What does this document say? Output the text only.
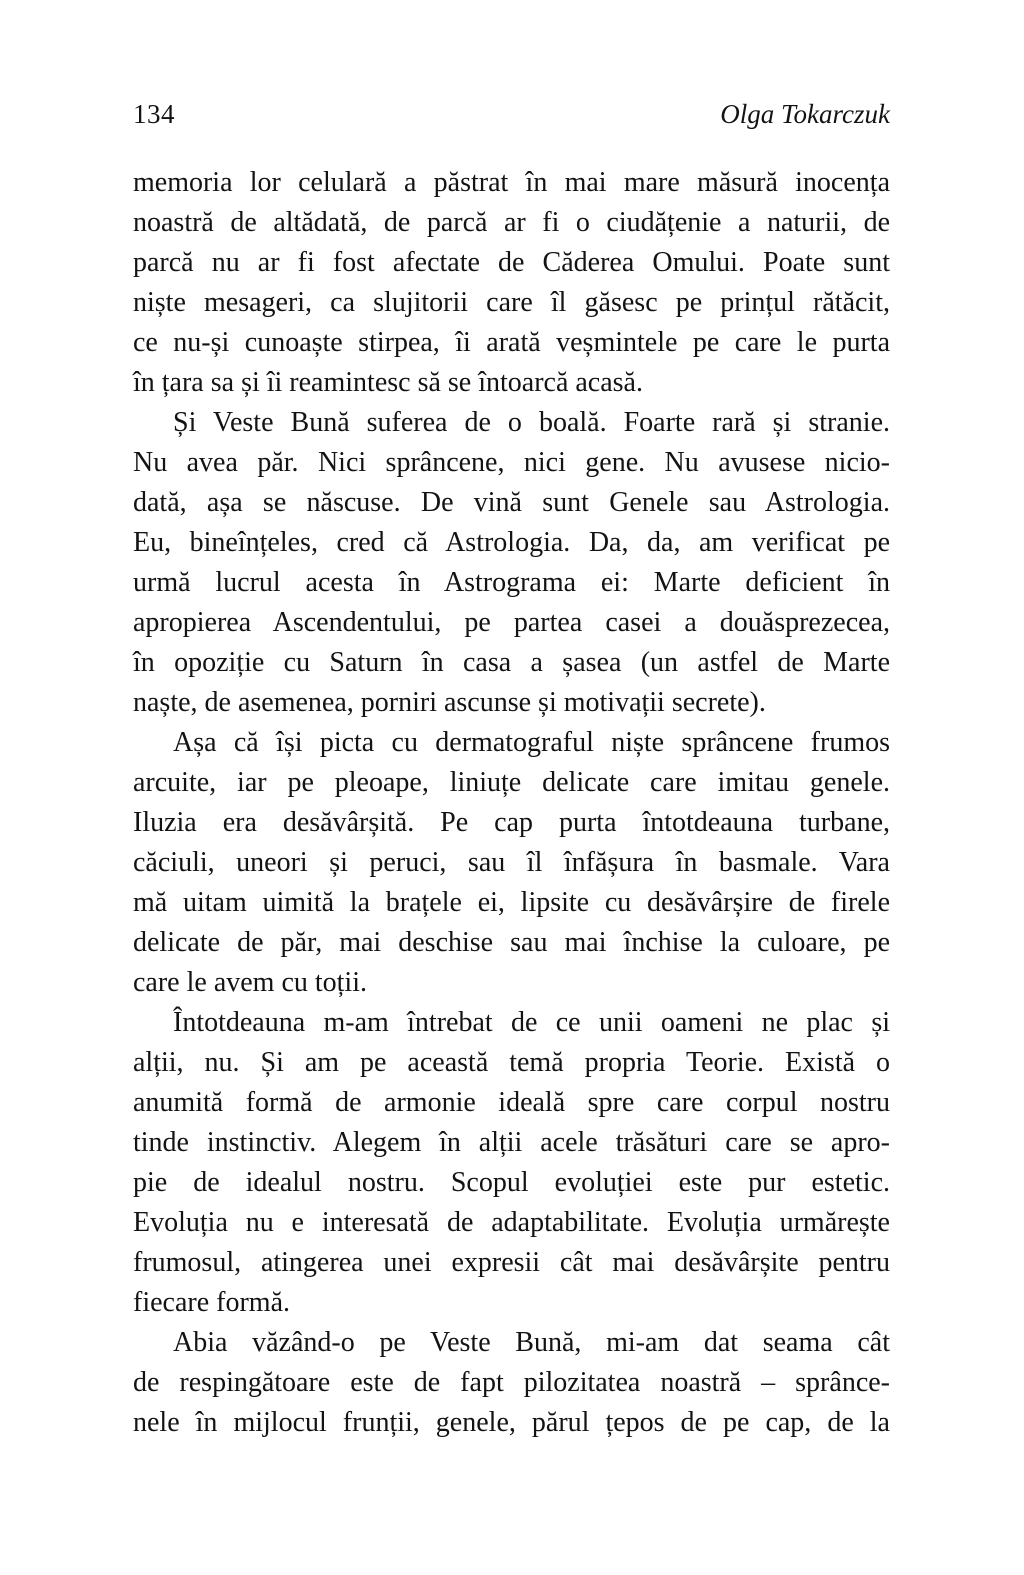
134	Olga Tokarczuk
memoria lor celulară a păstrat în mai mare măsură inocența
noastră de altădată, de parcă ar fi o ciudățenie a naturii, de
parcă nu ar fi fost afectate de Căderea Omului. Poate sunt
niște mesageri, ca slujitorii care îl găsesc pe prințul rătăcit,
ce nu-și cunoaște stirpea, îi arată veșmintele pe care le purta
în țara sa și îi reamintesc să se întoarcă acasă.
Și Veste Bună suferea de o boală. Foarte rară și stranie.
Nu avea păr. Nici sprâncene, nici gene. Nu avusese nicio-
dată, așa se născuse. De vină sunt Genele sau Astrologia.
Eu, bineînțeles, cred că Astrologia. Da, da, am verificat pe
urmă lucrul acesta în Astrograma ei: Marte deficient în
apropierea Ascendentului, pe partea casei a douăsprezecea,
în opoziție cu Saturn în casa a șasea (un astfel de Marte
naște, de asemenea, porniri ascunse și motivații secrete).
Așa că își picta cu dermatograful niște sprâncene frumos
arcuite, iar pe pleoape, liniuțe delicate care imitau genele.
Iluzia era desăvârșită. Pe cap purta întotdeauna turbane,
căciuli, uneori și peruci, sau îl înfășura în basmale. Vara
mă uitam uimită la brațele ei, lipsite cu desăvârșire de firele
delicate de păr, mai deschise sau mai închise la culoare, pe
care le avem cu toții.
Întotdeauna m-am întrebat de ce unii oameni ne plac și
alții, nu. Și am pe această temă propria Teorie. Există o
anumită formă de armonie ideală spre care corpul nostru
tinde instinctiv. Alegem în alții acele trăsături care se apro-
pie de idealul nostru. Scopul evoluției este pur estetic.
Evoluția nu e interesată de adaptabilitate. Evoluția urmărește
frumosul, atingerea unei expresii cât mai desăvârșite pentru
fiecare formă.
Abia văzând-o pe Veste Bună, mi-am dat seama cât
de respingătoare este de fapt pilozitatea noastră – sprânce-
nele în mijlocul frunții, genele, părul țepos de pe cap, de la
